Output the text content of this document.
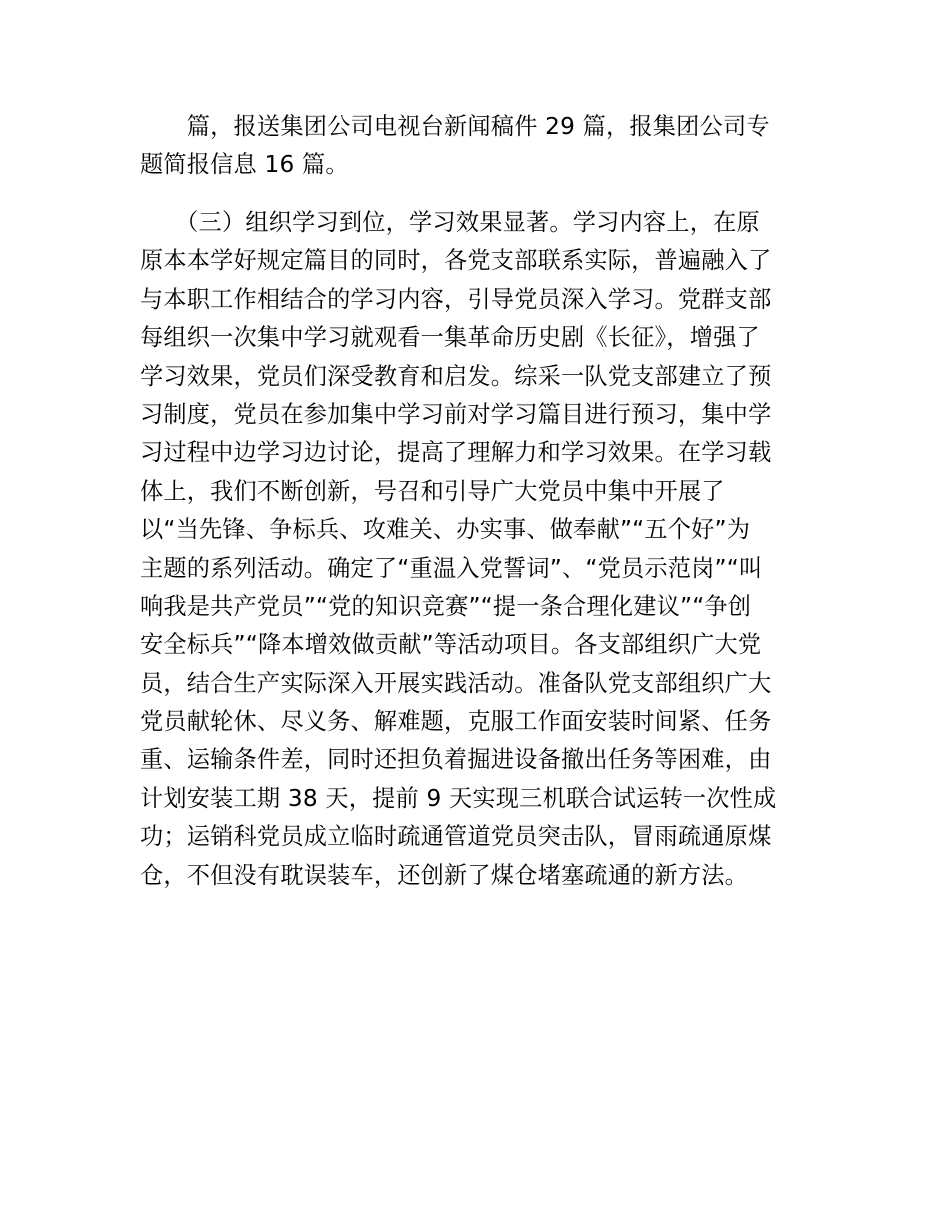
　　篇，报送集团公司电视台新闻稿件 29 篇，报集团公司专
题简报信息 16 篇。
　　（三）组织学习到位，学习效果显著。学习内容上，在原
原本本学好规定篇目的同时，各党支部联系实际，普遍融入了
与本职工作相结合的学习内容，引导党员深入学习。党群支部
每组织一次集中学习就观看一集革命历史剧《长征》，增强了
学习效果，党员们深受教育和启发。综采一队党支部建立了预
习制度，党员在参加集中学习前对学习篇目进行预习，集中学
习过程中边学习边讨论，提高了理解力和学习效果。在学习载
体上，我们不断创新，号召和引导广大党员中集中开展了
以“当先锋、争标兵、攻难关、办实事、做奉献”“五个好”为
主题的系列活动。确定了“重温入党誓词”、“党员示范岗”“叫
响我是共产党员”“党的知识竞赛”“提一条合理化建议”“争创
安全标兵”“降本增效做贡献”等活动项目。各支部组织广大党
员，结合生产实际深入开展实践活动。准备队党支部组织广大
党员献轮休、尽义务、解难题，克服工作面安装时间紧、任务
重、运输条件差，同时还担负着掘进设备撤出任务等困难，由
计划安装工期 38 天，提前 9 天实现三机联合试运转一次性成
功；运销科党员成立临时疏通管道党员突击队，冒雨疏通原煤
仓，不但没有耽误装车，还创新了煤仓堵塞疏通的新方法。
